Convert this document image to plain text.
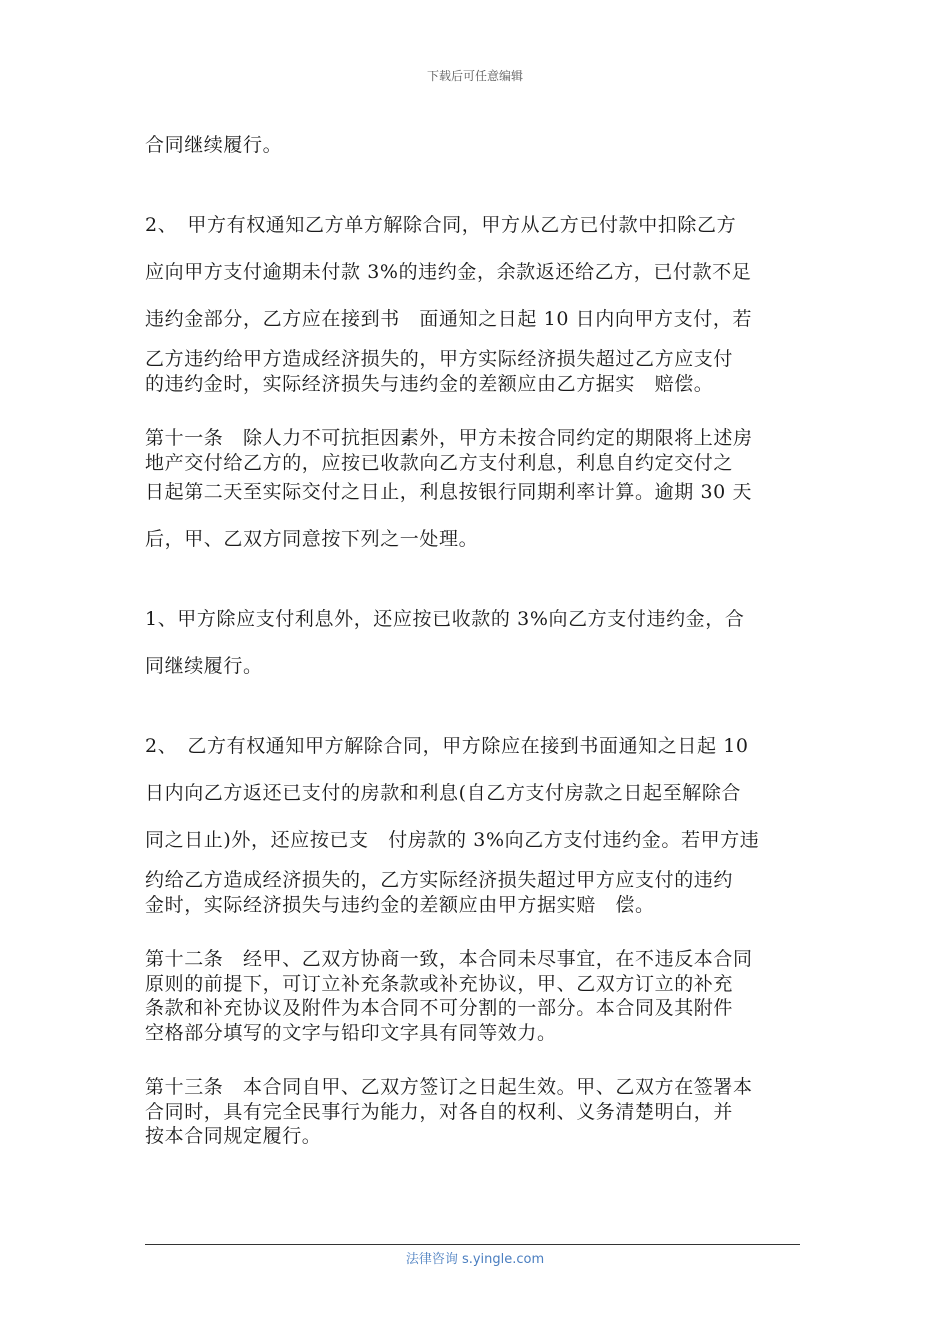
下载后可任意编辑
合同继续履行。
2、　甲方有权通知乙方单方解除合同，甲方从乙方已付款中扣除乙方
应向甲方支付逾期未付款 3%的违约金，余款返还给乙方，已付款不足
违约金部分，乙方应在接到书　面通知之日起 10 日内向甲方支付，若
乙方违约给甲方造成经济损失的，甲方实际经济损失超过乙方应支付
的违约金时，实际经济损失与违约金的差额应由乙方据实　赔偿。
第十一条　除人力不可抗拒因素外，甲方未按合同约定的期限将上述房
地产交付给乙方的，应按已收款向乙方支付利息，利息自约定交付之
日起第二天至实际交付之日止，利息按银行同期利率计算。逾期 30 天
后，甲、乙双方同意按下列之一处理。
1、甲方除应支付利息外，还应按已收款的 3%向乙方支付违约金，合
同继续履行。
2、　乙方有权通知甲方解除合同，甲方除应在接到书面通知之日起 10
日内向乙方返还已支付的房款和利息(自乙方支付房款之日起至解除合
同之日止)外，还应按已支　付房款的 3%向乙方支付违约金。若甲方违
约给乙方造成经济损失的，乙方实际经济损失超过甲方应支付的违约
金时，实际经济损失与违约金的差额应由甲方据实赔　偿。
第十二条　经甲、乙双方协商一致，本合同未尽事宜，在不违反本合同
原则的前提下，可订立补充条款或补充协议，甲、乙双方订立的补充
条款和补充协议及附件为本合同不可分割的一部分。本合同及其附件
空格部分填写的文字与铅印文字具有同等效力。
第十三条　本合同自甲、乙双方签订之日起生效。甲、乙双方在签署本
合同时，具有完全民事行为能力，对各自的权利、义务清楚明白，并
按本合同规定履行。
法律咨询 s.yingle.com
